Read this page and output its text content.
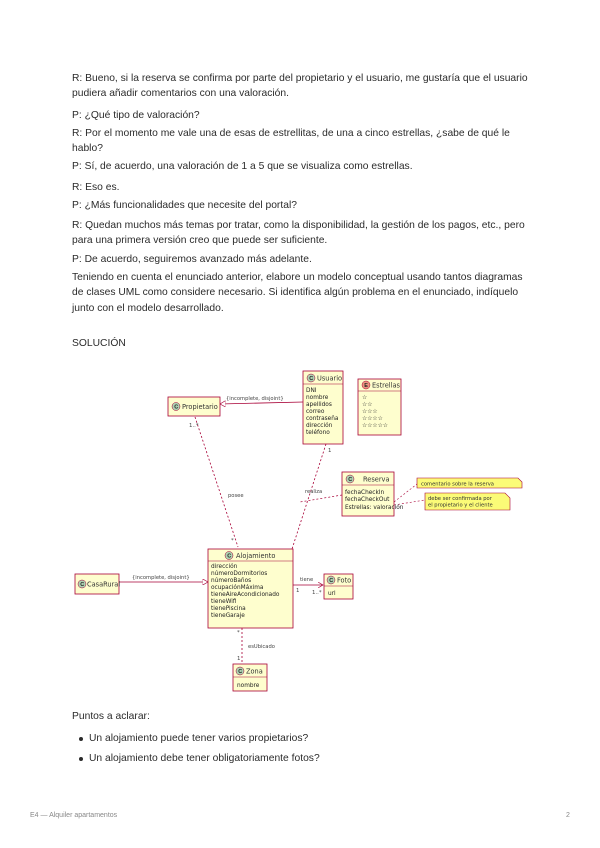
R: Bueno, si la reserva se confirma por parte del propietario y el usuario, me gustaría que el usuario pudiera añadir comentarios con una valoración.

P: ¿Qué tipo de valoración?

R: Por el momento me vale una de esas de estrellitas, de una a cinco estrellas, ¿sabe de qué le hablo?

P: Sí, de acuerdo, una valoración de 1 a 5 que se visualiza como estrellas.

R: Eso es.

P: ¿Más funcionalidades que necesite del portal?

R: Quedan muchos más temas por tratar, como la disponibilidad, la gestión de los pagos, etc., pero para una primera versión creo que puede ser suficiente.

P: De acuerdo, seguiremos avanzado más adelante.

Teniendo en cuenta el enunciado anterior, elabore un modelo conceptual usando tantos diagramas de clases UML como considere necesario. Si identifica algún problema en el enunciado, indíquelo junto con el modelo desarrollado.

SOLUCIÓN
{incomplete, disjoint}
posee
1..*
*
realiza
1
{incomplete, disjoint}	tiene
1 1..*
esUbicado
*
1
C Usuario
DNI
nombre
apellidos
correo
contraseña
dirección
teléfono
E Estrellas
☆
☆☆
☆☆☆
☆☆☆☆
☆☆☆☆☆
C Propietario
C Reserva
fechaCheckIn
fechaCheckOut
Estrellas: valoración
comentario sobre la reserva
debe ser confirmada por el propietario y el cliente
C Alojamiento
dirección
númeroDormitorios
númeroBaños
ocupaciónMáxima
tieneAireAcondicionado
tieneWifi
tienePiscina
tieneGaraje
C CasaRural	C Foto
url
C Zona
nombre
Puntos a aclarar:
Un alojamiento puede tener varios propietarios?
Un alojamiento debe tener obligatoriamente fotos?
E4 — Alquiler apartamentos	2
